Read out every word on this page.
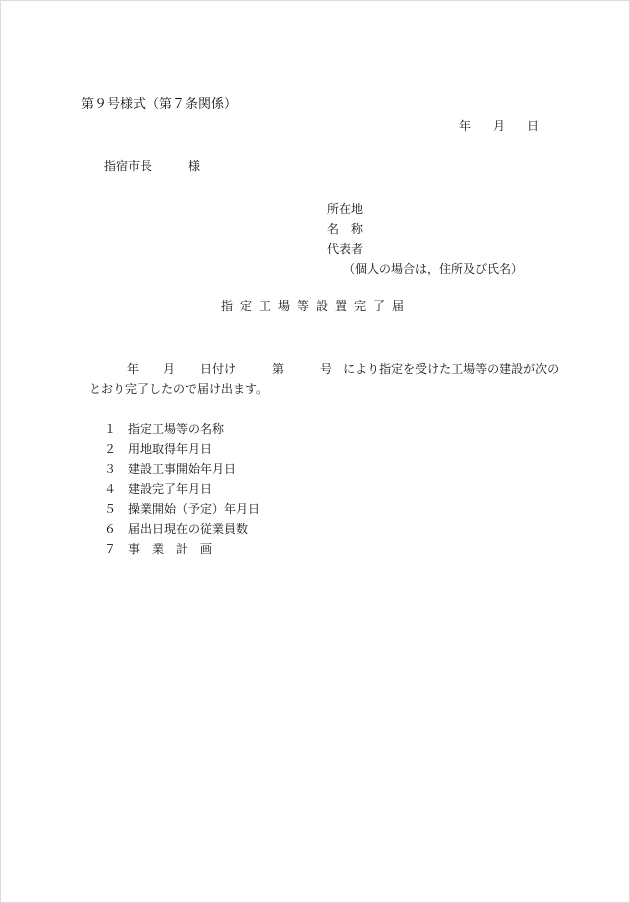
第９号様式（第７条関係）
年 月 日
指宿市長	様
所在地
名　称
代表者
（個人の場合は，住所及び氏名）
指定工場等設置完了届
年 月 日付け	第	号 により指定を受けた工場等の建設が次の
とおり完了したので届け出ます。
１ 指定工場等の名称
２ 用地取得年月日
３ 建設工事開始年月日
４ 建設完了年月日
５ 操業開始（予定）年月日
６ 届出日現在の従業員数
７ 事　業　計　画
